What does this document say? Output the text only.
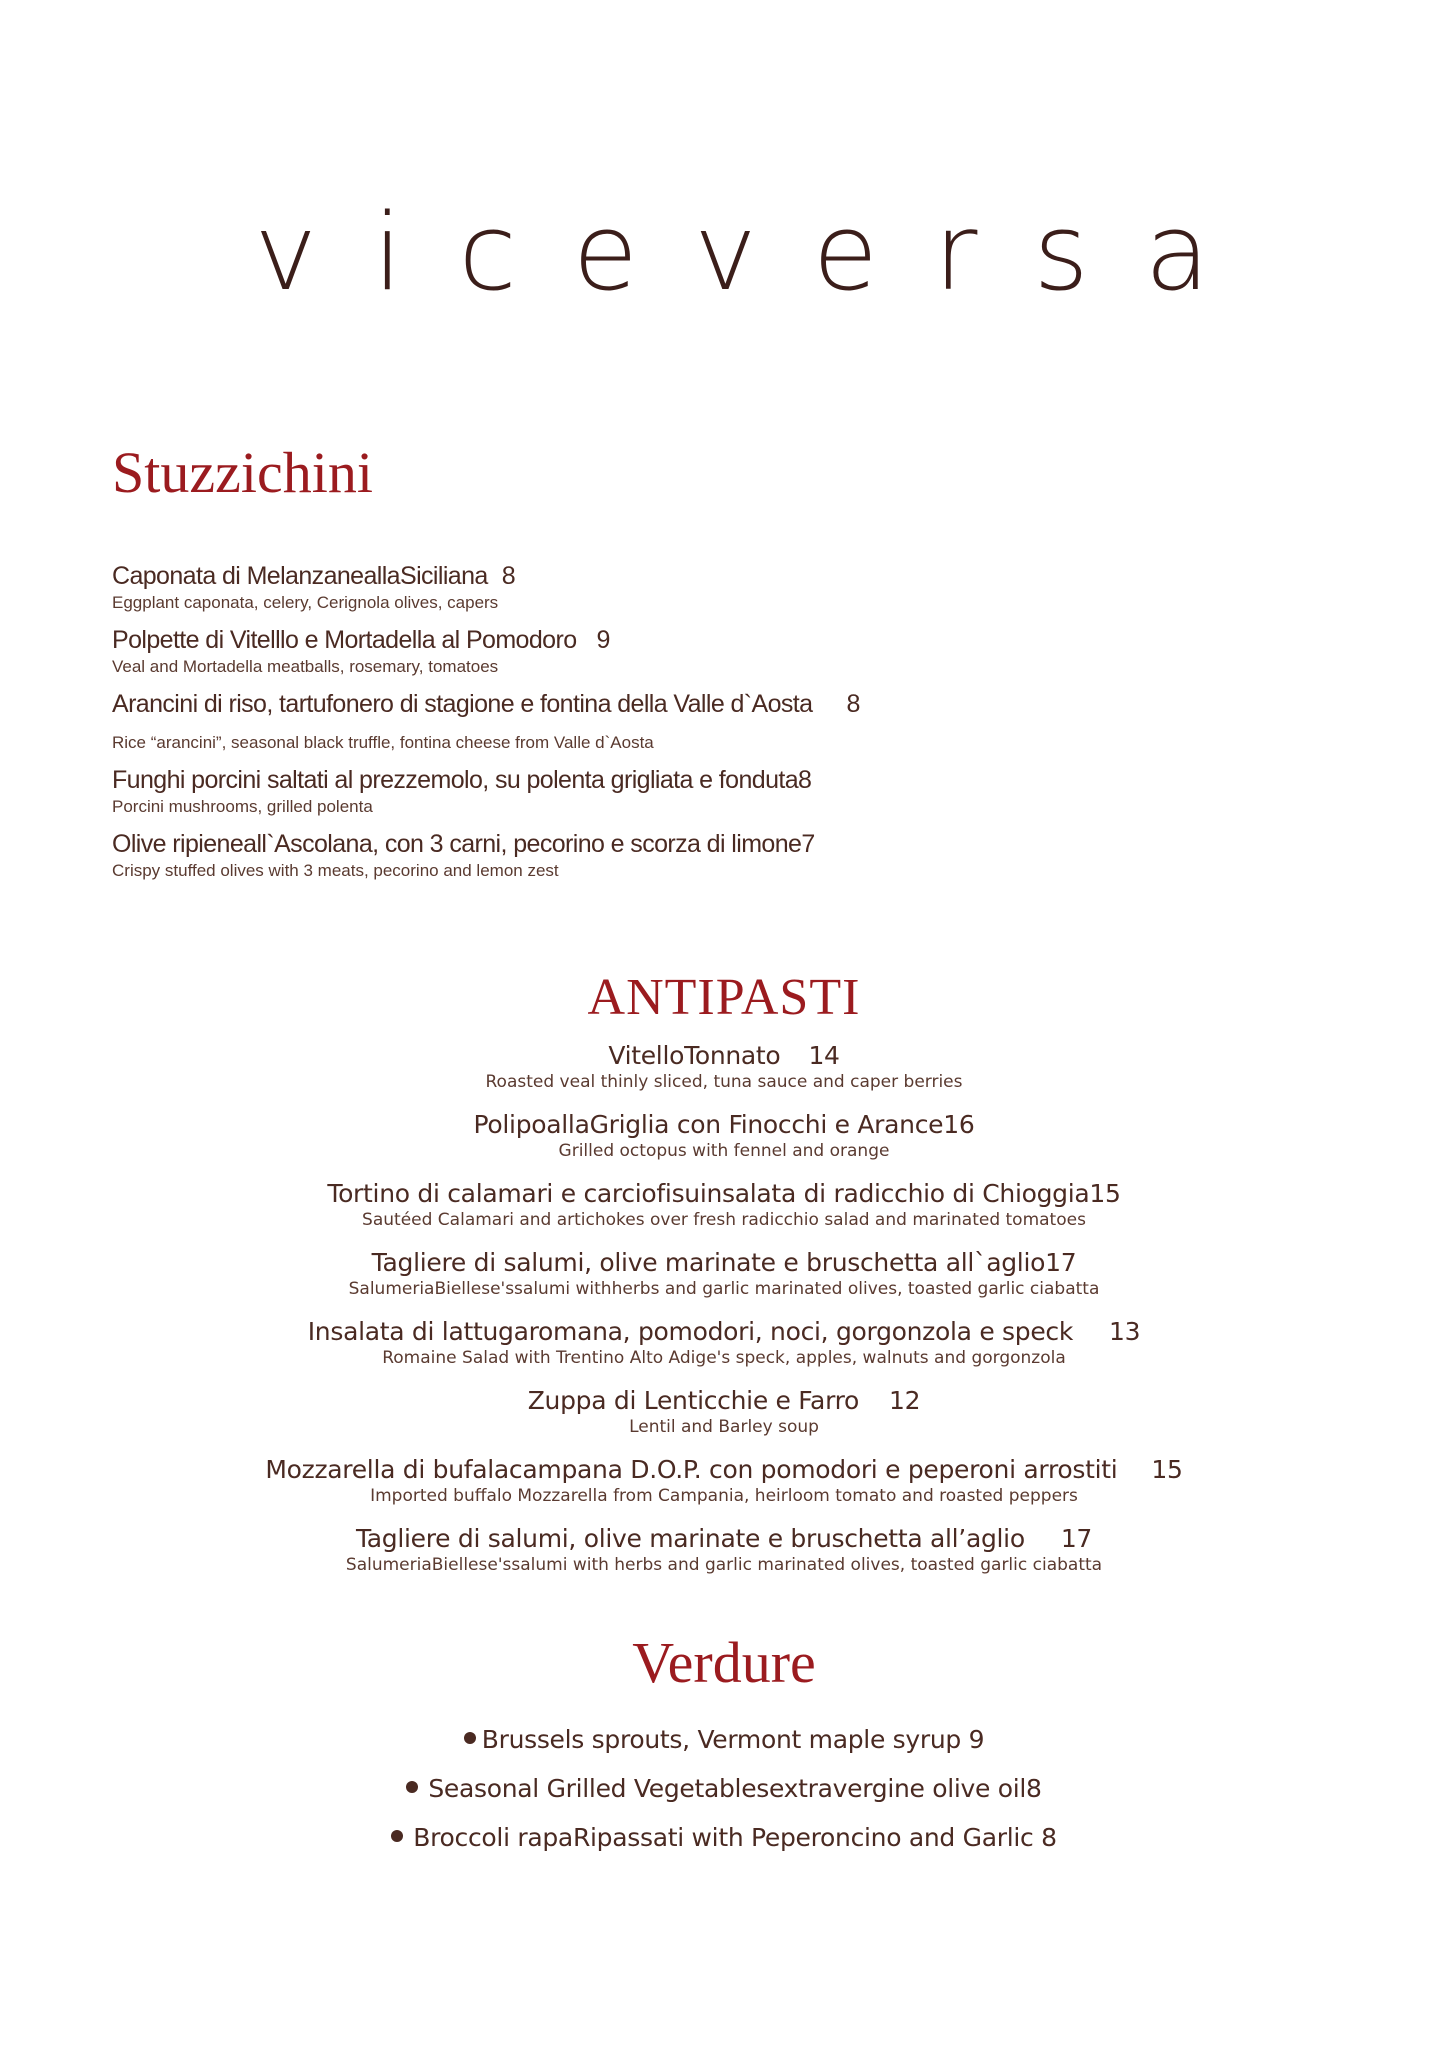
viceversa
Stuzzichini
Caponata di MelanzaneallaSiciliana 8
Eggplant caponata, celery, Cerignola olives, capers
Polpette di Vitelllo e Mortadella al Pomodoro 9
Veal and Mortadella meatballs, rosemary, tomatoes
Arancini di riso, tartufonero di stagione e fontina della Valle d`Aosta 8
Rice “arancini”, seasonal black truffle, fontina cheese from Valle d`Aosta
Funghi porcini saltati al prezzemolo, su polenta grigliata e fonduta8
Porcini mushrooms, grilled polenta
Olive ripieneall`Ascolana, con 3 carni, pecorino e scorza di limone7
Crispy stuffed olives with 3 meats, pecorino and lemon zest
ANTIPASTI
VitelloTonnato 14
Roasted veal thinly sliced, tuna sauce and caper berries
PolipoallaGriglia con Finocchi e Arance16
Grilled octopus with fennel and orange
Tortino di calamari e carciofisuinsalata di radicchio di Chioggia15
Sautéed Calamari and artichokes over fresh radicchio salad and marinated tomatoes
Tagliere di salumi, olive marinate e bruschetta all`aglio17
SalumeriaBiellese'ssalumi withherbs and garlic marinated olives, toasted garlic ciabatta
Insalata di lattugaromana, pomodori, noci, gorgonzola e speck 13
Romaine Salad with Trentino Alto Adige's speck, apples, walnuts and gorgonzola
Zuppa di Lenticchie e Farro 12
Lentil and Barley soup
Mozzarella di bufalacampana D.O.P. con pomodori e peperoni arrostiti 15
Imported buffalo Mozzarella from Campania, heirloom tomato and roasted peppers
Tagliere di salumi, olive marinate e bruschetta all’aglio 17
SalumeriaBiellese'ssalumi with herbs and garlic marinated olives, toasted garlic ciabatta
Verdure
Brussels sprouts, Vermont maple syrup 9
Seasonal Grilled Vegetablesextravergine olive oil8
Broccoli rapaRipassati with Peperoncino and Garlic 8
